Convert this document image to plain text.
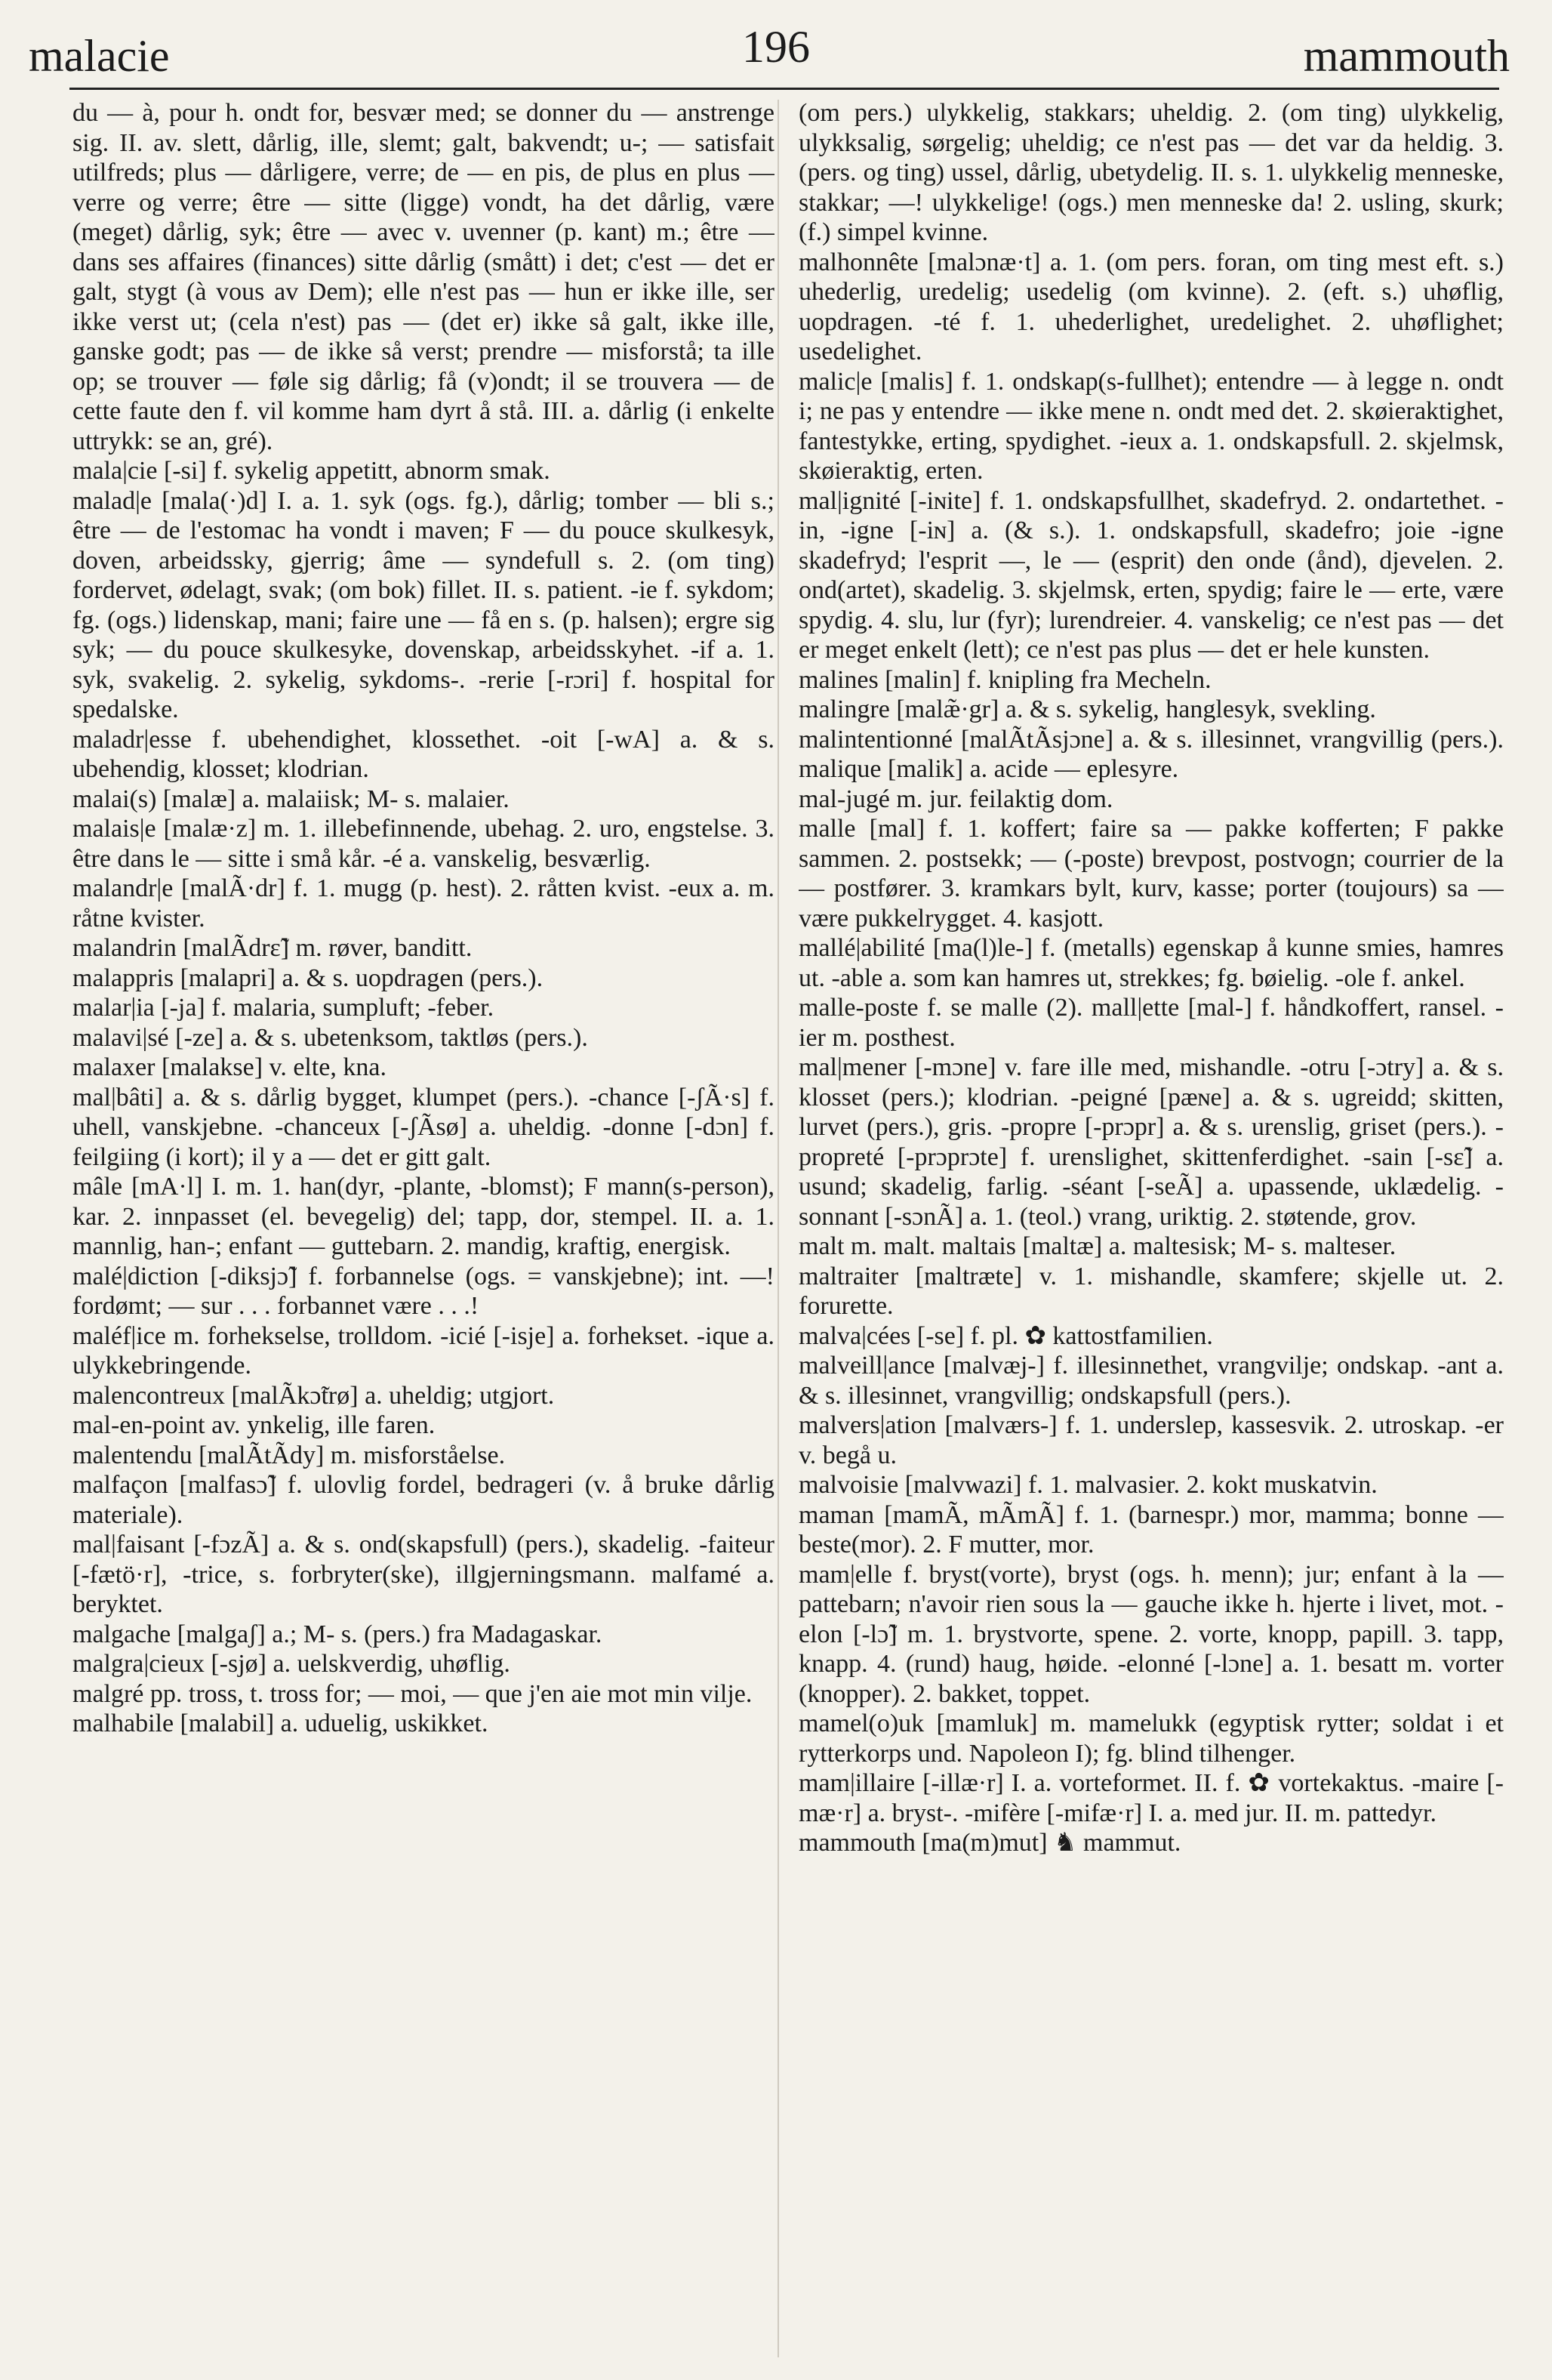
malacie	196	mammouth

du — à, pour h. ondt for, besvær med; se donner du — anstrenge sig. II. av. slett, dårlig, ille, slemt; galt, bakvendt; u-; — satisfait utilfreds; plus — dårligere, verre; de — en pis, de plus en plus — verre og verre; être — sitte (ligge) vondt, ha det dårlig, være (meget) dårlig, syk; être — avec v. uvenner (p. kant) m.; être — dans ses affaires (finances) sitte dårlig (smått) i det; c'est — det er galt, stygt (à vous av Dem); elle n'est pas — hun er ikke ille, ser ikke verst ut; (cela n'est) pas — (det er) ikke så galt, ikke ille, ganske godt; pas — de ikke så verst; prendre — misforstå; ta ille op; se trouver — føle sig dårlig; få (v)ondt; il se trouvera — de cette faute den f. vil komme ham dyrt å stå. III. a. dårlig (i enkelte uttrykk: se an, gré).

mala|cie [-si] f. sykelig appetitt, abnorm smak.

malad|e [mala(·)d] I. a. 1. syk (ogs. fg.), dårlig; tomber — bli s.; être — de l'estomac ha vondt i maven; F — du pouce skulkesyk, doven, arbeidssky, gjerrig; âme — syndefull s. 2. (om ting) fordervet, ødelagt, svak; (om bok) fillet. II. s. patient. -ie f. sykdom; fg. (ogs.) lidenskap, mani; faire une — få en s. (p. halsen); ergre sig syk; — du pouce skulkesyke, dovenskap, arbeidsskyhet. -if a. 1. syk, svakelig. 2. sykelig, sykdoms-. -rerie [-rɔri] f. hospital for spedalske.

maladr|esse f. ubehendighet, klossethet. -oit [-wA] a. & s. ubehendig, klosset; klodrian.

malai(s) [malæ] a. malaiisk; M- s. malaier.

malais|e [malæ·z] m. 1. illebefinnende, ubehag. 2. uro, engstelse. 3. être dans le — sitte i små kår. -é a. vanskelig, besværlig.

malandr|e [malÃ·dr] f. 1. mugg (p. hest). 2. råtten kvist. -eux a. m. råtne kvister.

malandrin [malÃdrɛ̃] m. røver, banditt.

malappris [malapri] a. & s. uopdragen (pers.).

malar|ia [-ja] f. malaria, sumpluft; -feber.

malavi|sé [-ze] a. & s. ubetenksom, taktløs (pers.).

malaxer [malakse] v. elte, kna.

mal|bâti] a. & s. dårlig bygget, klumpet (pers.). -chance [-ʃÃ·s] f. uhell, vanskjebne. -chanceux [-ʃÃsø] a. uheldig. -donne [-dɔn] f. feilgiing (i kort); il y a — det er gitt galt.

mâle [mA·l] I. m. 1. han(dyr, -plante, -blomst); F mann(s-person), kar. 2. innpasset (el. bevegelig) del; tapp, dor, stempel. II. a. 1. mannlig, han-; enfant — guttebarn. 2. mandig, kraftig, energisk.

malé|diction [-diksjɔ̃] f. forbannelse (ogs. = vanskjebne); int. —! fordømt; — sur . . . forbannet være . . .!

maléf|ice m. forhekselse, trolldom. -icié [-isje] a. forhekset. -ique a. ulykkebringende.

malencontreux [malÃkɔ̃trø] a. uheldig; utgjort.

mal-en-point av. ynkelig, ille faren.

malentendu [malÃtÃdy] m. misforståelse.

malfaçon [malfasɔ̃] f. ulovlig fordel, bedrageri (v. å bruke dårlig materiale).

mal|faisant [-fɔzÃ] a. & s. ond(skapsfull) (pers.), skadelig. -faiteur [-fætö·r], -trice, s. forbryter(ske), illgjerningsmann. malfamé a. beryktet.

malgache [malgaʃ] a.; M- s. (pers.) fra Madagaskar.

malgra|cieux [-sjø] a. uelskverdig, uhøflig.

malgré pp. tross, t. tross for; — moi, — que j'en aie mot min vilje.

malhabile [malabil] a. uduelig, uskikket.

(om pers.) ulykkelig, stakkars; uheldig. 2. (om ting) ulykkelig, ulykksalig, sørgelig; uheldig; ce n'est pas — det var da heldig. 3. (pers. og ting) ussel, dårlig, ubetydelig. II. s. 1. ulykkelig menneske, stakkar; —! ulykkelige! (ogs.) men menneske da! 2. usling, skurk; (f.) simpel kvinne.

malhonnête [malɔnæ·t] a. 1. (om pers. foran, om ting mest eft. s.) uhederlig, uredelig; usedelig (om kvinne). 2. (eft. s.) uhøflig, uopdragen. -té f. 1. uhederlighet, uredelighet. 2. uhøflighet; usedelighet.

malic|e [malis] f. 1. ondskap(s-fullhet); entendre — à legge n. ondt i; ne pas y entendre — ikke mene n. ondt med det. 2. skøieraktighet, fantestykke, erting, spydighet. -ieux a. 1. ondskapsfull. 2. skjelmsk, skøieraktig, erten.

mal|ignité [-iɴite] f. 1. ondskapsfullhet, skadefryd. 2. ondartethet. -in, -igne [-iɴ] a. (& s.). 1. ondskapsfull, skadefro; joie -igne skadefryd; l'esprit —, le — (esprit) den onde (ånd), djevelen. 2. ond(artet), skadelig. 3. skjelmsk, erten, spydig; faire le — erte, være spydig. 4. slu, lur (fyr); lurendreier. 4. vanskelig; ce n'est pas — det er meget enkelt (lett); ce n'est pas plus — det er hele kunsten.

malines [malin] f. knipling fra Mecheln.

malingre [malæ̃·gr] a. & s. sykelig, hanglesyk, svekling.

malintentionné [malÃtÃsjɔne] a. & s. illesinnet, vrangvillig (pers.). malique [malik] a. acide — eplesyre.

mal-jugé m. jur. feilaktig dom.

malle [mal] f. 1. koffert; faire sa — pakke kofferten; F pakke sammen. 2. postsekk; — (-poste) brevpost, postvogn; courrier de la — postfører. 3. kramkars bylt, kurv, kasse; porter (toujours) sa — være pukkelrygget. 4. kasjott.

mallé|abilité [ma(l)le-] f. (metalls) egenskap å kunne smies, hamres ut. -able a. som kan hamres ut, strekkes; fg. bøielig. -ole f. ankel.

malle-poste f. se malle (2). mall|ette [mal-] f. håndkoffert, ransel. -ier m. posthest.

mal|mener [-mɔne] v. fare ille med, mishandle. -otru [-ɔtry] a. & s. klosset (pers.); klodrian. -peigné [pæɴe] a. & s. ugreidd; skitten, lurvet (pers.), gris. -propre [-prɔpr] a. & s. urenslig, griset (pers.). -propreté [-prɔprɔte] f. urenslighet, skittenferdighet. -sain [-sɛ̃] a. usund; skadelig, farlig. -séant [-seÃ] a. upassende, uklædelig. -sonnant [-sɔnÃ] a. 1. (teol.) vrang, uriktig. 2. støtende, grov.

malt m. malt. maltais [maltæ] a. maltesisk; M- s. malteser.

maltraiter [maltræte] v. 1. mishandle, skamfere; skjelle ut. 2. forurette.

malva|cées [-se] f. pl. ✿ kattostfamilien.

malveill|ance [malvæj-] f. illesinnethet, vrangvilje; ondskap. -ant a. & s. illesinnet, vrangvillig; ondskapsfull (pers.).

malvers|ation [malværs-] f. 1. underslep, kassesvik. 2. utroskap. -er v. begå u.

malvoisie [malvwazi] f. 1. malvasier. 2. kokt muskatvin.

maman [mamÃ, mÃmÃ] f. 1. (barnespr.) mor, mamma; bonne — beste(mor). 2. F mutter, mor.

mam|elle f. bryst(vorte), bryst (ogs. h. menn); jur; enfant à la — pattebarn; n'avoir rien sous la — gauche ikke h. hjerte i livet, mot. -elon [-lɔ̃] m. 1. brystvorte, spene. 2. vorte, knopp, papill. 3. tapp, knapp. 4. (rund) haug, høide. -elonné [-lɔne] a. 1. besatt m. vorter (knopper). 2. bakket, toppet.

mamel(o)uk [mamluk] m. mamelukk (egyptisk rytter; soldat i et rytterkorps und. Napoleon I); fg. blind tilhenger.

mam|illaire [-illæ·r] I. a. vorteformet. II. f. ✿ vortekaktus. -maire [-mæ·r] a. bryst-. -mifère [-mifæ·r] I. a. med jur. II. m. pattedyr.

mammouth [ma(m)mut] ♞ mammut.
